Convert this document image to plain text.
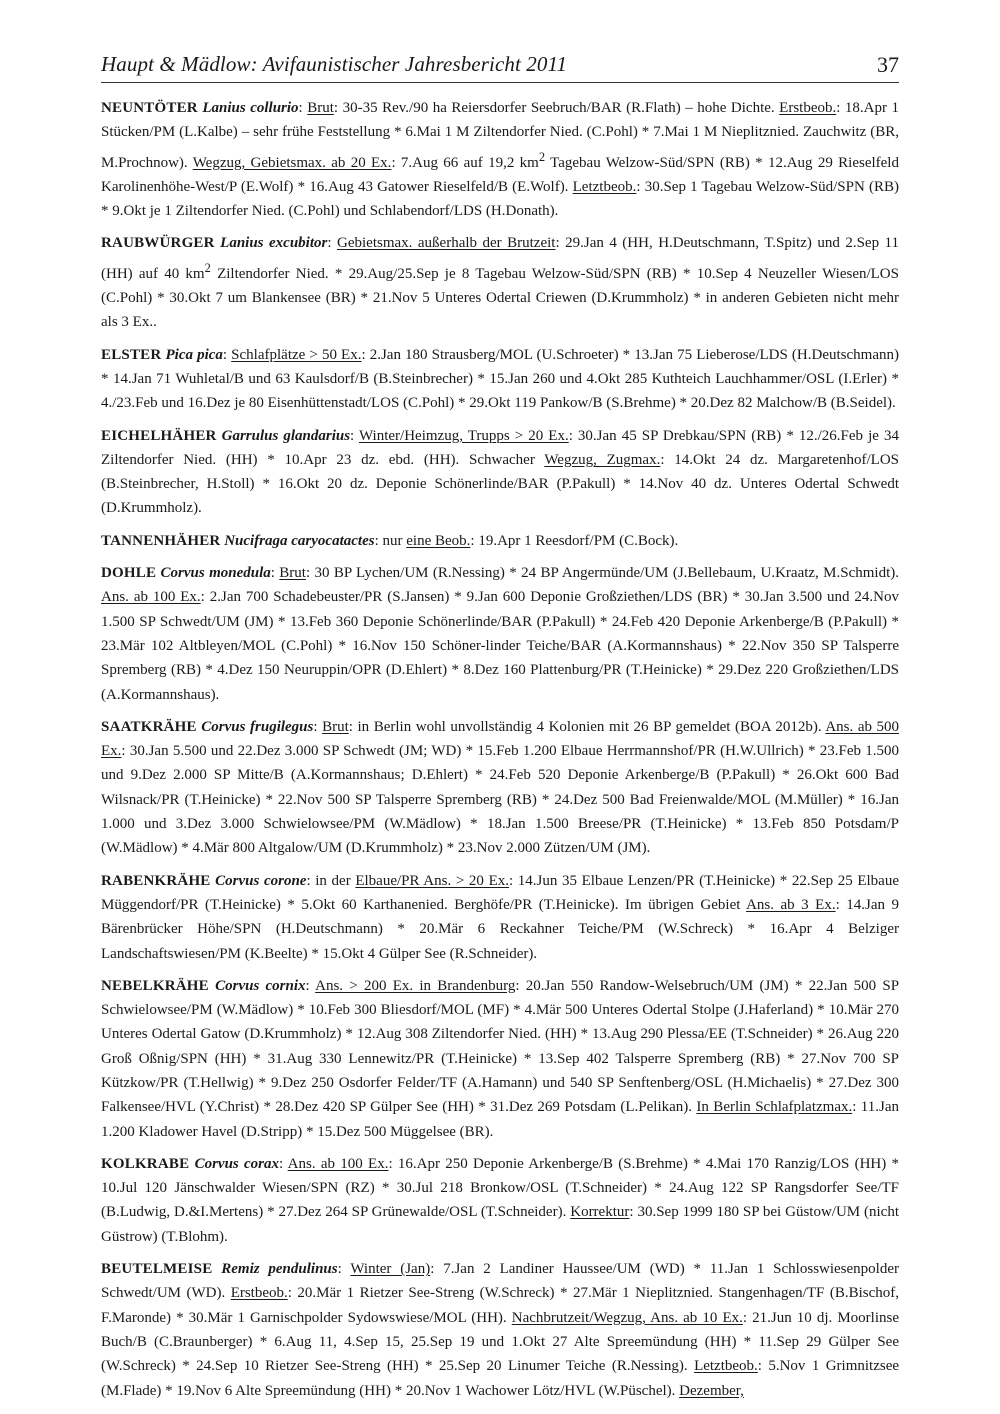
Haupt & Mädlow: Avifaunistischer Jahresbericht 2011	37

NEUNTÖTER Lanius collurio: Brut: 30-35 Rev./90 ha Reiersdorfer Seebruch/BAR (R.Flath) – hohe Dichte. Erstbeob.: 18.Apr 1 Stücken/PM (L.Kalbe) – sehr frühe Feststellung * 6.Mai 1 M Ziltendorfer Nied. (C.Pohl) * 7.Mai 1 M Nieplitznied. Zauchwitz (BR, M.Prochnow). Wegzug, Gebietsmax. ab 20 Ex.: 7.Aug 66 auf 19,2 $km^2$ Tagebau Welzow-Süd/SPN (RB) * 12.Aug 29 Rieselfeld Karolinenhöhe-West/P (E.Wolf) * 16.Aug 43 Gatower Rieselfeld/B (E.Wolf). Letztbeob.: 30.Sep 1 Tagebau Welzow-Süd/SPN (RB) * 9.Okt je 1 Ziltendorfer Nied. (C.Pohl) und Schlabendorf/LDS (H.Donath).

RAUBWÜRGER Lanius excubitor: Gebietsmax. außerhalb der Brutzeit: 29.Jan 4 (HH, H.Deutschmann, T.Spitz) und 2.Sep 11 (HH) auf 40 $km^2$ Ziltendorfer Nied. * 29.Aug/25.Sep je 8 Tagebau Welzow-Süd/SPN (RB) * 10.Sep 4 Neuzeller Wiesen/LOS (C.Pohl) * 30.Okt 7 um Blankensee (BR) * 21.Nov 5 Unteres Odertal Criewen (D.Krummholz) * in anderen Gebieten nicht mehr als 3 Ex..

ELSTER Pica pica: Schlafplätze > 50 Ex.: 2.Jan 180 Strausberg/MOL (U.Schroeter) * 13.Jan 75 Lieberose/LDS (H.Deutschmann) * 14.Jan 71 Wuhletal/B und 63 Kaulsdorf/B (B.Steinbrecher) * 15.Jan 260 und 4.Okt 285 Kuthteich Lauchhammer/OSL (I.Erler) * 4./23.Feb und 16.Dez je 80 Eisenhüttenstadt/LOS (C.Pohl) * 29.Okt 119 Pankow/B (S.Brehme) * 20.Dez 82 Malchow/B (B.Seidel).

EICHELHÄHER Garrulus glandarius: Winter/Heimzug, Trupps > 20 Ex.: 30.Jan 45 SP Drebkau/SPN (RB) * 12./26.Feb je 34 Ziltendorfer Nied. (HH) * 10.Apr 23 dz. ebd. (HH). Schwacher Wegzug, Zugmax.: 14.Okt 24 dz. Margaretenhof/LOS (B.Steinbrecher, H.Stoll) * 16.Okt 20 dz. Deponie Schönerlinde/BAR (P.Pakull) * 14.Nov 40 dz. Unteres Odertal Schwedt (D.Krummholz).

TANNENHÄHER Nucifraga caryocatactes: nur eine Beob.: 19.Apr 1 Reesdorf/PM (C.Bock).

DOHLE Corvus monedula: Brut: 30 BP Lychen/UM (R.Nessing) * 24 BP Angermünde/UM (J.Bellebaum, U.Kraatz, M.Schmidt). Ans. ab 100 Ex.: 2.Jan 700 Schadebeuster/PR (S.Jansen) * 9.Jan 600 Deponie Großziethen/LDS (BR) * 30.Jan 3.500 und 24.Nov 1.500 SP Schwedt/UM (JM) * 13.Feb 360 Deponie Schönerlinde/BAR (P.Pakull) * 24.Feb 420 Deponie Arkenberge/B (P.Pakull) * 23.Mär 102 Altbleyen/MOL (C.Pohl) * 16.Nov 150 Schöner-linder Teiche/BAR (A.Kormannshaus) * 22.Nov 350 SP Talsperre Spremberg (RB) * 4.Dez 150 Neuruppin/OPR (D.Ehlert) * 8.Dez 160 Plattenburg/PR (T.Heinicke) * 29.Dez 220 Großziethen/LDS (A.Kormannshaus).

SAATKRÄHE Corvus frugilegus: Brut: in Berlin wohl unvollständig 4 Kolonien mit 26 BP gemeldet (BOA 2012b). Ans. ab 500 Ex.: 30.Jan 5.500 und 22.Dez 3.000 SP Schwedt (JM; WD) * 15.Feb 1.200 Elbaue Herrmannshof/PR (H.W.Ullrich) * 23.Feb 1.500 und 9.Dez 2.000 SP Mitte/B (A.Kormannshaus; D.Ehlert) * 24.Feb 520 Deponie Arkenberge/B (P.Pakull) * 26.Okt 600 Bad Wilsnack/PR (T.Heinicke) * 22.Nov 500 SP Talsperre Spremberg (RB) * 24.Dez 500 Bad Freienwalde/MOL (M.Müller) * 16.Jan 1.000 und 3.Dez 3.000 Schwielowsee/PM (W.Mädlow) * 18.Jan 1.500 Breese/PR (T.Heinicke) * 13.Feb 850 Potsdam/P (W.Mädlow) * 4.Mär 800 Altgalow/UM (D.Krummholz) * 23.Nov 2.000 Zützen/UM (JM).

RABENKRÄHE Corvus corone: in der Elbaue/PR Ans. > 20 Ex.: 14.Jun 35 Elbaue Lenzen/PR (T.Heinicke) * 22.Sep 25 Elbaue Müggendorf/PR (T.Heinicke) * 5.Okt 60 Karthanenied. Berghöfe/PR (T.Heinicke). Im übrigen Gebiet Ans. ab 3 Ex.: 14.Jan 9 Bärenbrücker Höhe/SPN (H.Deutschmann) * 20.Mär 6 Reckahner Teiche/PM (W.Schreck) * 16.Apr 4 Belziger Landschaftswiesen/PM (K.Beelte) * 15.Okt 4 Gülper See (R.Schneider).

NEBELKRÄHE Corvus cornix: Ans. > 200 Ex. in Brandenburg: 20.Jan 550 Randow-Welsebruch/UM (JM) * 22.Jan 500 SP Schwielowsee/PM (W.Mädlow) * 10.Feb 300 Bliesdorf/MOL (MF) * 4.Mär 500 Unteres Odertal Stolpe (J.Haferland) * 10.Mär 270 Unteres Odertal Gatow (D.Krummholz) * 12.Aug 308 Ziltendorfer Nied. (HH) * 13.Aug 290 Plessa/EE (T.Schneider) * 26.Aug 220 Groß Oßnig/SPN (HH) * 31.Aug 330 Lennewitz/PR (T.Heinicke) * 13.Sep 402 Talsperre Spremberg (RB) * 27.Nov 700 SP Kützkow/PR (T.Hellwig) * 9.Dez 250 Osdorfer Felder/TF (A.Hamann) und 540 SP Senftenberg/OSL (H.Michaelis) * 27.Dez 300 Falkensee/HVL (Y.Christ) * 28.Dez 420 SP Gülper See (HH) * 31.Dez 269 Potsdam (L.Pelikan). In Berlin Schlafplatzmax.: 11.Jan 1.200 Kladower Havel (D.Stripp) * 15.Dez 500 Müggelsee (BR).

KOLKRABE Corvus corax: Ans. ab 100 Ex.: 16.Apr 250 Deponie Arkenberge/B (S.Brehme) * 4.Mai 170 Ranzig/LOS (HH) * 10.Jul 120 Jänschwalder Wiesen/SPN (RZ) * 30.Jul 218 Bronkow/OSL (T.Schneider) * 24.Aug 122 SP Rangsdorfer See/TF (B.Ludwig, D.&I.Mertens) * 27.Dez 264 SP Grünewalde/OSL (T.Schneider). Korrektur: 30.Sep 1999 180 SP bei Güstow/UM (nicht Güstrow) (T.Blohm).

BEUTELMEISE Remiz pendulinus: Winter (Jan): 7.Jan 2 Landiner Haussee/UM (WD) * 11.Jan 1 Schlosswiesenpolder Schwedt/UM (WD). Erstbeob.: 20.Mär 1 Rietzer See-Streng (W.Schreck) * 27.Mär 1 Nieplitznied. Stangenhagen/TF (B.Bischof, F.Maronde) * 30.Mär 1 Garnischpolder Sydowswiese/MOL (HH). Nachbrutzeit/Wegzug, Ans. ab 10 Ex.: 21.Jun 10 dj. Moorlinse Buch/B (C.Braunberger) * 6.Aug 11, 4.Sep 15, 25.Sep 19 und 1.Okt 27 Alte Spreemündung (HH) * 11.Sep 29 Gülper See (W.Schreck) * 24.Sep 10 Rietzer See-Streng (HH) * 25.Sep 20 Linumer Teiche (R.Nessing). Letztbeob.: 5.Nov 1 Grimnitzsee (M.Flade) * 19.Nov 6 Alte Spreemündung (HH) * 20.Nov 1 Wachower Lötz/HVL (W.Püschel). Dezember,
